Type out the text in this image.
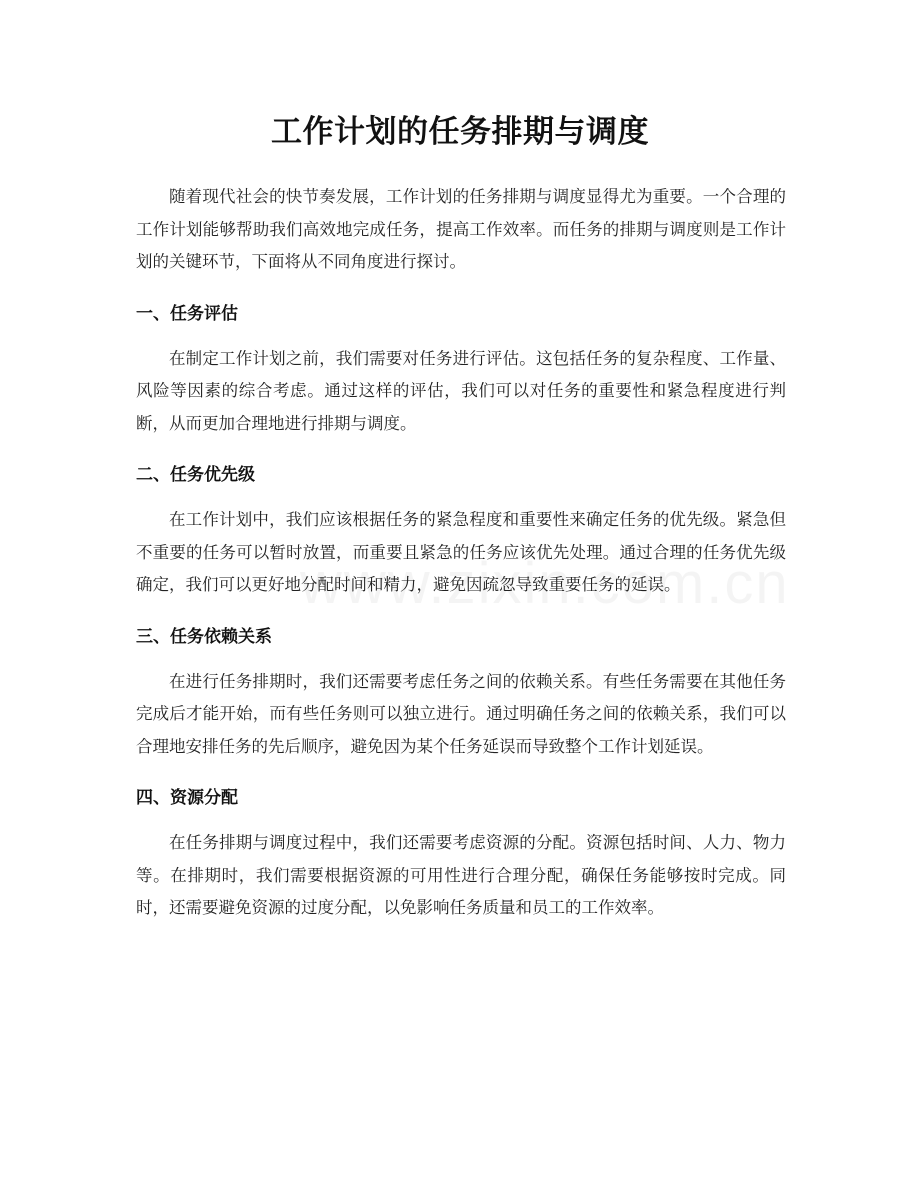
工作计划的任务排期与调度

随着现代社会的快节奏发展，工作计划的任务排期与调度显得尤为重要。一个合理的工作计划能够帮助我们高效地完成任务，提高工作效率。而任务的排期与调度则是工作计划的关键环节，下面将从不同角度进行探讨。

一、任务评估

在制定工作计划之前，我们需要对任务进行评估。这包括任务的复杂程度、工作量、风险等因素的综合考虑。通过这样的评估，我们可以对任务的重要性和紧急程度进行判断，从而更加合理地进行排期与调度。

二、任务优先级

在工作计划中，我们应该根据任务的紧急程度和重要性来确定任务的优先级。紧急但不重要的任务可以暂时放置，而重要且紧急的任务应该优先处理。通过合理的任务优先级确定，我们可以更好地分配时间和精力，避免因疏忽导致重要任务的延误。

三、任务依赖关系

在进行任务排期时，我们还需要考虑任务之间的依赖关系。有些任务需要在其他任务完成后才能开始，而有些任务则可以独立进行。通过明确任务之间的依赖关系，我们可以合理地安排任务的先后顺序，避免因为某个任务延误而导致整个工作计划延误。

四、资源分配

在任务排期与调度过程中，我们还需要考虑资源的分配。资源包括时间、人力、物力等。在排期时，我们需要根据资源的可用性进行合理分配，确保任务能够按时完成。同时，还需要避免资源的过度分配，以免影响任务质量和员工的工作效率。
